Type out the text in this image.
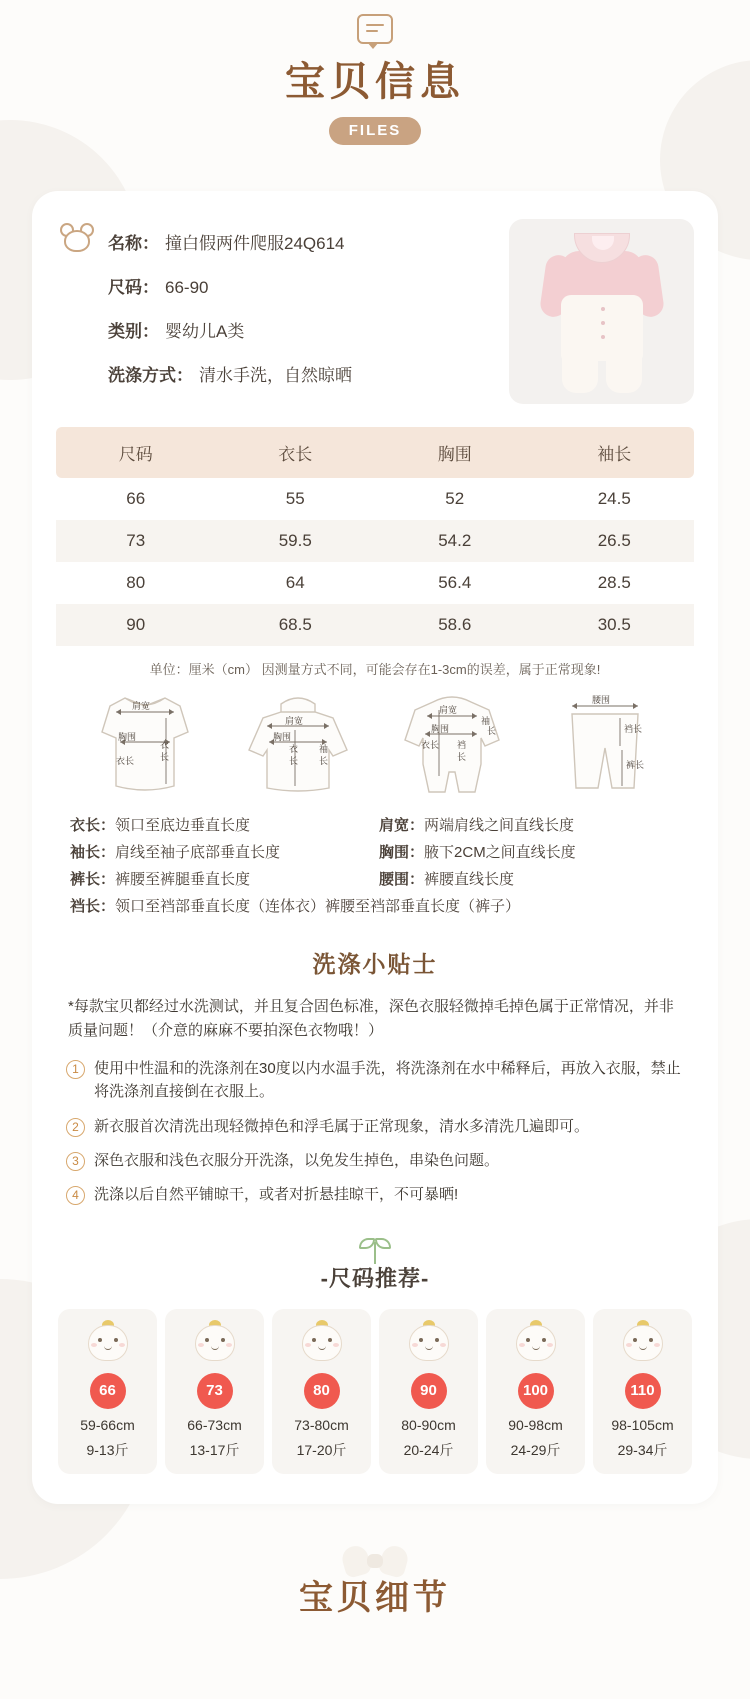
宝贝信息
FILES
名称 ： 撞白假两件爬服24Q614
尺码 ： 66-90
类别 ： 婴幼儿A类
洗涤方式 ： 清水手洗，自然晾晒
尺码	衣长	胸围	袖长
66	55	52	24.5
73	59.5	54.2	26.5
80	64	56.4	28.5
90	68.5	58.6	30.5
单位：厘米（cm） 因测量方式不同，可能会存在1-3cm的误差，属于正常现象!
肩宽
胸围
衣
长
衣长
肩宽
胸围
衣
长
袖
长
肩宽
胸围
袖
长
衣长 裆
长
腰围
裆长
裤长
衣长：领口至底边垂直长度	肩宽：两端肩线之间直线长度
袖长：肩线至袖子底部垂直长度	胸围：腋下2CM之间直线长度
裤长：裤腰至裤腿垂直长度	腰围：裤腰直线长度
裆长：领口至裆部垂直长度（连体衣）裤腰至裆部垂直长度（裤子）
洗涤小贴士
*每款宝贝都经过水洗测试，并且复合固色标准，深色衣服轻微掉毛掉色属于正常情况，并非质量问题！（介意的麻麻不要拍深色衣物哦！）
1	使用中性温和的洗涤剂在30度以内水温手洗，将洗涤剂在水中稀释后，再放入衣服，禁止将洗涤剂直接倒在衣服上。
2	新衣服首次清洗出现轻微掉色和浮毛属于正常现象，清水多清洗几遍即可。
3	深色衣服和浅色衣服分开洗涤，以免发生掉色，串染色问题。
4	洗涤以后自然平铺晾干，或者对折悬挂晾干，不可暴晒!
-尺码推荐-
66
59-66cm
9-13斤
73
66-73cm
13-17斤
80
73-80cm
17-20斤
90
80-90cm
20-24斤
100
90-98cm
24-29斤
110
98-105cm
29-34斤
宝贝细节
